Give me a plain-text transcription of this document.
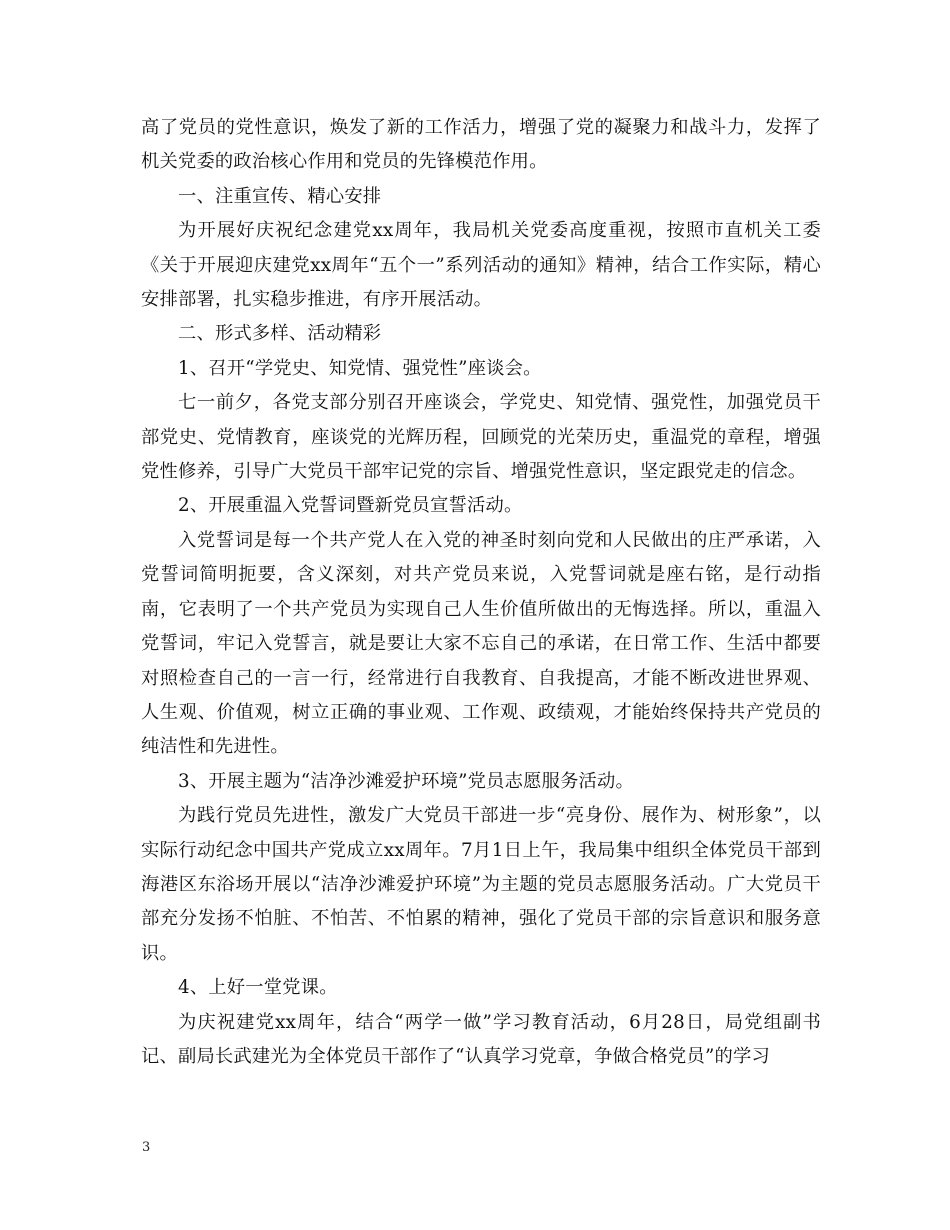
高了党员的党性意识，焕发了新的工作活力，增强了党的凝聚力和战斗力，发挥了机关党委的政治核心作用和党员的先锋模范作用。

一、注重宣传、精心安排

为开展好庆祝纪念建党xx周年，我局机关党委高度重视，按照市直机关工委《关于开展迎庆建党xx周年“五个一”系列活动的通知》精神，结合工作实际，精心安排部署，扎实稳步推进，有序开展活动。

二、形式多样、活动精彩

1、召开“学党史、知党情、强党性”座谈会。

七一前夕，各党支部分别召开座谈会，学党史、知党情、强党性，加强党员干部党史、党情教育，座谈党的光辉历程，回顾党的光荣历史，重温党的章程，增强党性修养，引导广大党员干部牢记党的宗旨、增强党性意识，坚定跟党走的信念。

2、开展重温入党誓词暨新党员宣誓活动。

入党誓词是每一个共产党人在入党的神圣时刻向党和人民做出的庄严承诺，入党誓词简明扼要，含义深刻，对共产党员来说，入党誓词就是座右铭，是行动指南，它表明了一个共产党员为实现自己人生价值所做出的无悔选择。所以，重温入党誓词，牢记入党誓言，就是要让大家不忘自己的承诺，在日常工作、生活中都要对照检查自己的一言一行，经常进行自我教育、自我提高，才能不断改进世界观、人生观、价值观，树立正确的事业观、工作观、政绩观，才能始终保持共产党员的纯洁性和先进性。

3、开展主题为“洁净沙滩爱护环境”党员志愿服务活动。

为践行党员先进性，激发广大党员干部进一步“亮身份、展作为、树形象”，以实际行动纪念中国共产党成立xx周年。7月1日上午，我局集中组织全体党员干部到海港区东浴场开展以“洁净沙滩爱护环境”为主题的党员志愿服务活动。广大党员干部充分发扬不怕脏、不怕苦、不怕累的精神，强化了党员干部的宗旨意识和服务意识。

4、上好一堂党课。

为庆祝建党xx周年，结合“两学一做”学习教育活动，6月28日，局党组副书记、副局长武建光为全体党员干部作了“认真学习党章，争做合格党员”的学习

3
